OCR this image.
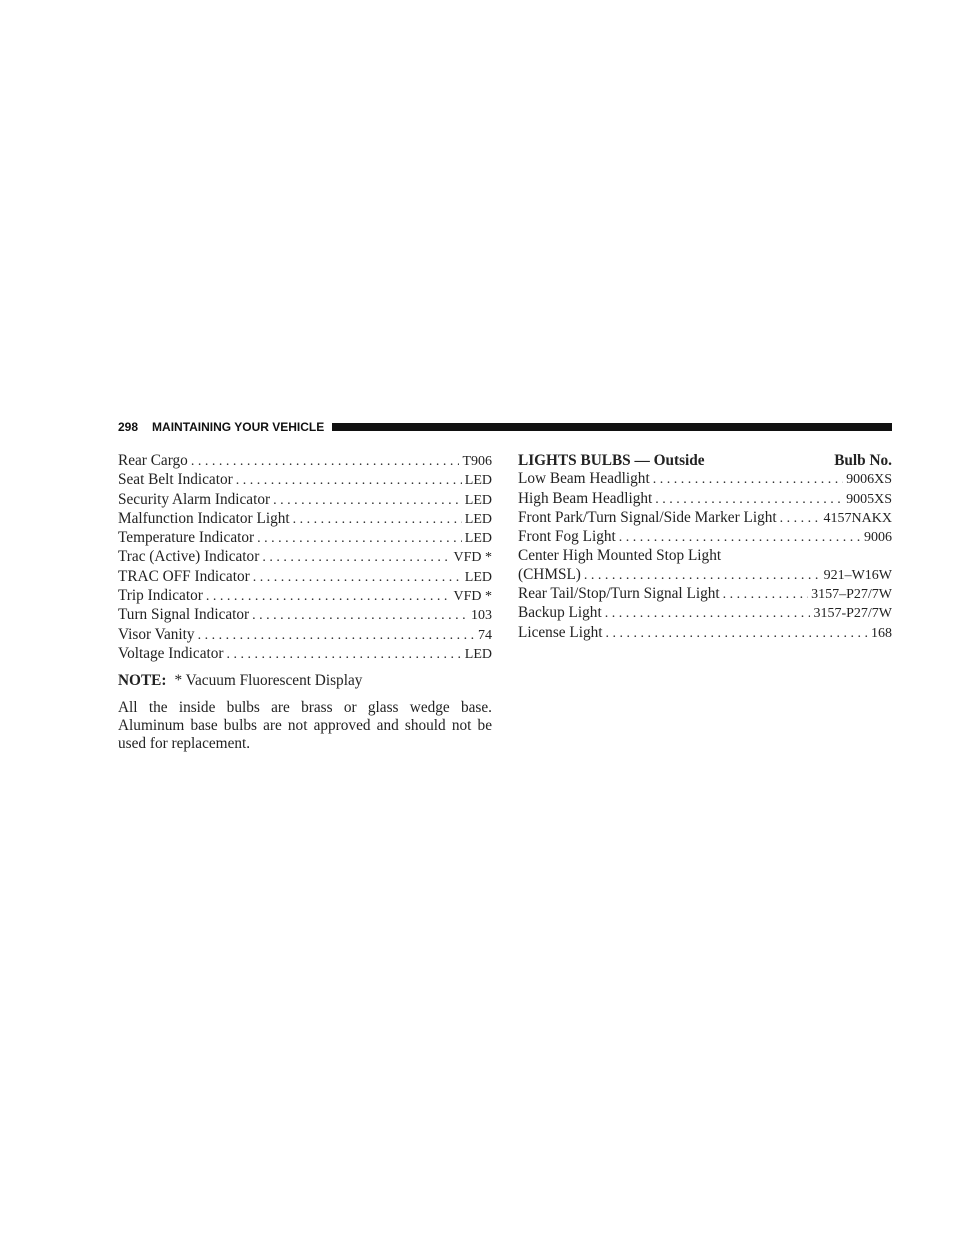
298 MAINTAINING YOUR VEHICLE
Rear Cargo . . .	T906
Seat Belt Indicator . . .	LED
Security Alarm Indicator . . .	LED
Malfunction Indicator Light . . .	LED
Temperature Indicator . . .	LED
Trac (Active) Indicator . . .	VFD *
TRAC OFF Indicator . . .	LED
Trip Indicator . . .	VFD *
Turn Signal Indicator . . .	103
Visor Vanity . . .	74
Voltage Indicator . . .	LED
NOTE: * Vacuum Fluorescent Display
All the inside bulbs are brass or glass wedge base. Aluminum base bulbs are not approved and should not be used for replacement.
LIGHTS BULBS — Outside	Bulb No.
Low Beam Headlight . . .	9006XS
High Beam Headlight . . .	9005XS
Front Park/Turn Signal/Side Marker Light . . .	4157NAKX
Front Fog Light . . .	9006
Center High Mounted Stop Light
(CHMSL) . . .	921–W16W
Rear Tail/Stop/Turn Signal Light . . .	3157–P27/7W
Backup Light . . .	3157-P27/7W
License Light . . .	168
